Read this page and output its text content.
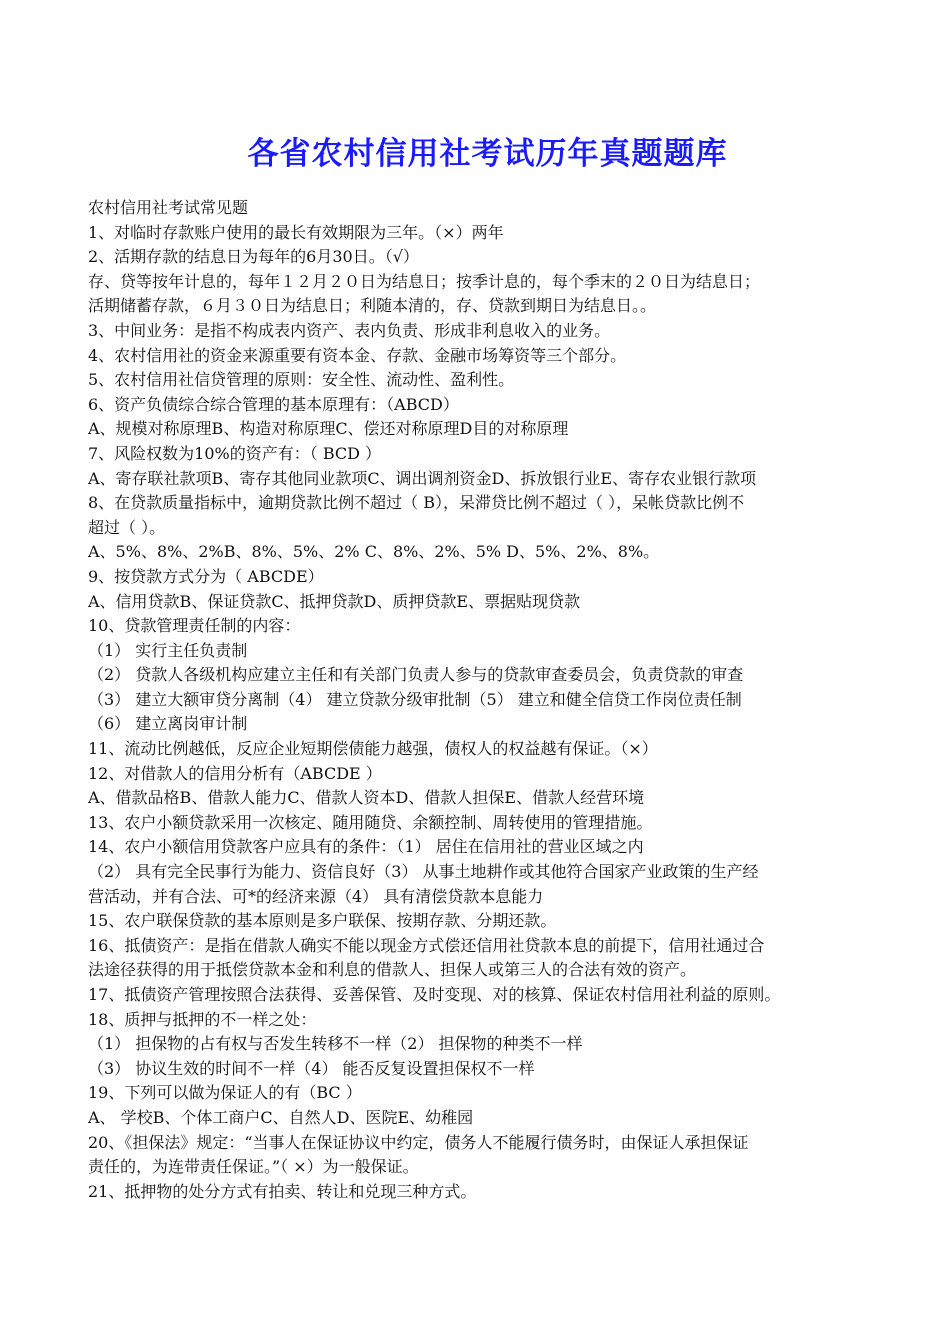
各省农村信用社考试历年真题题库
农村信用社考试常见题
1、对临时存款账户使用的最长有效期限为三年。（×）两年
2、活期存款的结息日为每年的6月30日。（√）
存、贷等按年计息的，每年１２月２０日为结息日；按季计息的，每个季末的２０日为结息日；
活期储蓄存款，６月３０日为结息日；利随本清的，存、贷款到期日为结息日。。
3、中间业务：是指不构成表内资产、表内负责、形成非利息收入的业务。
4、农村信用社的资金来源重要有资本金、存款、金融市场筹资等三个部分。
5、农村信用社信贷管理的原则：安全性、流动性、盈利性。
6、资产负债综合综合管理的基本原理有：（ABCD）
A、规模对称原理B、构造对称原理C、偿还对称原理D目的对称原理
7、风险权数为10%的资产有：（ BCD ）
A、寄存联社款项B、寄存其他同业款项C、调出调剂资金D、拆放银行业E、寄存农业银行款项
8、在贷款质量指标中，逾期贷款比例不超过（ B），呆滞贷比例不超过（ ），呆帐贷款比例不
超过（ ）。
A、5%、8%、2%B、8%、5%、2% C、8%、2%、5% D、5%、2%、8%。
9、按贷款方式分为（ ABCDE）
A、信用贷款B、保证贷款C、抵押贷款D、质押贷款E、票据贴现贷款
10、贷款管理责任制的内容：
（1） 实行主任负责制
（2） 贷款人各级机构应建立主任和有关部门负责人参与的贷款审查委员会，负责贷款的审查
（3） 建立大额审贷分离制（4） 建立贷款分级审批制（5） 建立和健全信贷工作岗位责任制
（6） 建立离岗审计制
11、流动比例越低，反应企业短期偿债能力越强，债权人的权益越有保证。（×）
12、对借款人的信用分析有（ABCDE ）
A、借款品格B、借款人能力C、借款人资本D、借款人担保E、借款人经营环境
13、农户小额贷款采用一次核定、随用随贷、余额控制、周转使用的管理措施。
14、农户小额信用贷款客户应具有的条件：（1） 居住在信用社的营业区域之内
（2） 具有完全民事行为能力、资信良好（3） 从事土地耕作或其他符合国家产业政策的生产经
营活动，并有合法、可*的经济来源（4） 具有清偿贷款本息能力
15、农户联保贷款的基本原则是多户联保、按期存款、分期还款。
16、抵债资产：是指在借款人确实不能以现金方式偿还信用社贷款本息的前提下，信用社通过合
法途径获得的用于抵偿贷款本金和利息的借款人、担保人或第三人的合法有效的资产。
17、抵债资产管理按照合法获得、妥善保管、及时变现、对的核算、保证农村信用社利益的原则。
18、质押与抵押的不一样之处：
（1） 担保物的占有权与否发生转移不一样（2） 担保物的种类不一样
（3） 协议生效的时间不一样（4） 能否反复设置担保权不一样
19、下列可以做为保证人的有（BC ）
A、 学校B、个体工商户C、自然人D、医院E、幼稚园
20、《担保法》规定：“当事人在保证协议中约定，债务人不能履行债务时，由保证人承担保证
责任的，为连带责任保证。”（ ×）为一般保证。
21、抵押物的处分方式有拍卖、转让和兑现三种方式。
